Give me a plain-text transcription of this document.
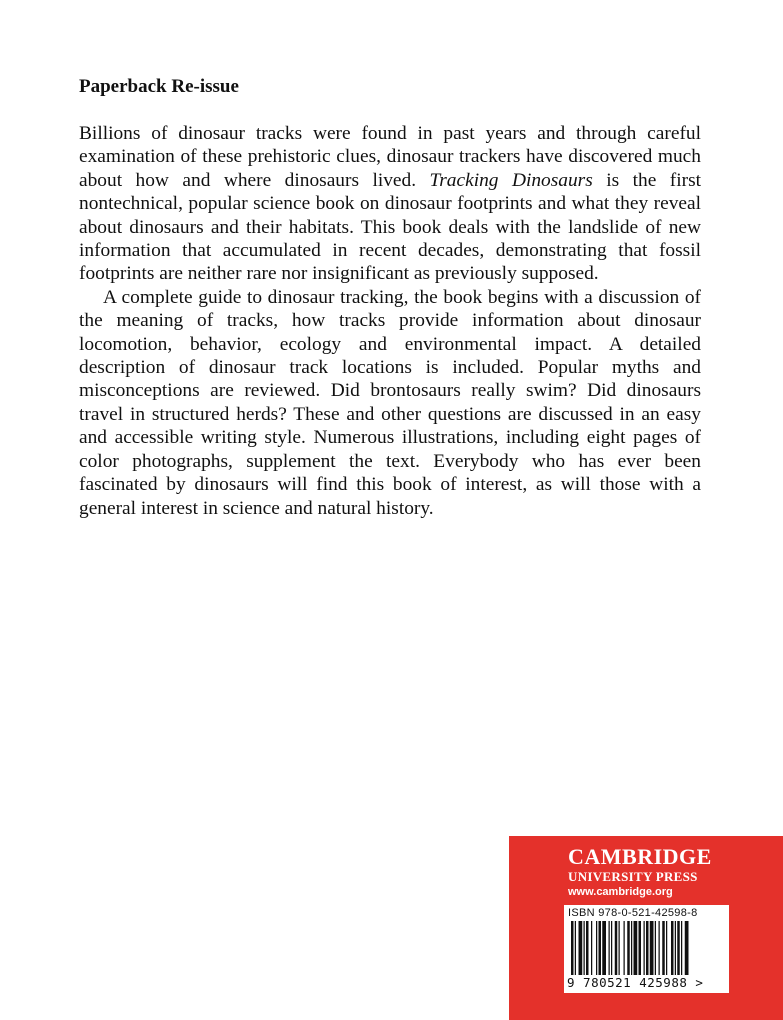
Paperback Re-issue

Billions of dinosaur tracks were found in past years and through careful examination of these prehistoric clues, dinosaur trackers have discovered much about how and where dinosaurs lived. Tracking Dinosaurs is the first nontechnical, popular science book on dinosaur footprints and what they reveal about dinosaurs and their habitats. This book deals with the landslide of new information that accumulated in recent decades, demonstrating that fossil footprints are neither rare nor insignificant as previously supposed.

A complete guide to dinosaur tracking, the book begins with a discussion of the meaning of tracks, how tracks provide information about dinosaur locomotion, behavior, ecology and environmental impact. A detailed description of dinosaur track locations is included. Popular myths and misconceptions are reviewed. Did brontosaurs really swim? Did dinosaurs travel in structured herds? These and other questions are discussed in an easy and accessible writing style. Numerous illustrations, including eight pages of color photographs, supplement the text. Everybody who has ever been fascinated by dinosaurs will find this book of interest, as will those with a general interest in science and natural history.

CAMBRIDGE
UNIVERSITY PRESS
www.cambridge.org
ISBN 978-0-521-42598-8
9 780521 425988 >
